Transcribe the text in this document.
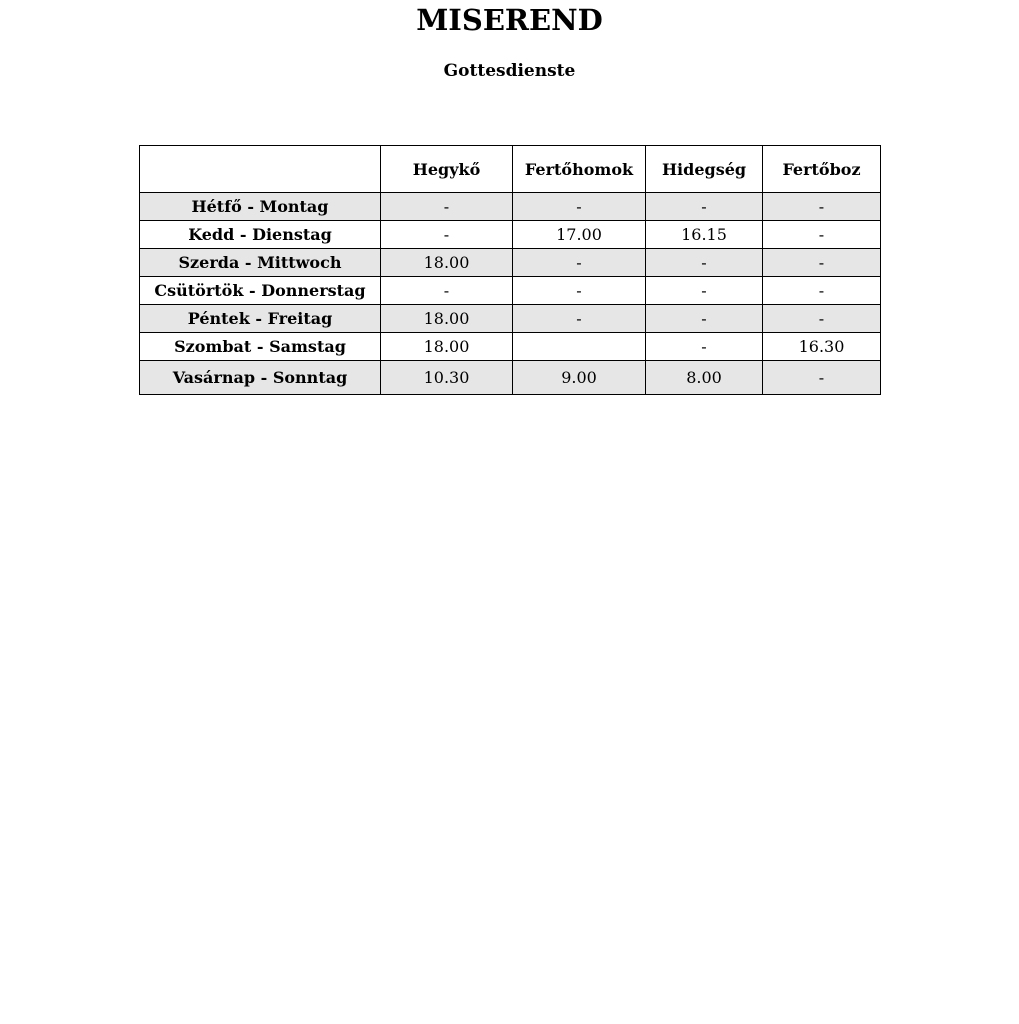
MISEREND
Gottesdienste
	Hegykő	Fertőhomok	Hidegség	Fertőboz
Hétfő - Montag	-	-	-	-
Kedd - Dienstag	-	17.00	16.15	-
Szerda - Mittwoch	18.00	-	-	-
Csütörtök - Donnerstag	-	-	-	-
Péntek - Freitag	18.00	-	-	-
Szombat - Samstag	18.00		-	16.30
Vasárnap - Sonntag	10.30	9.00	8.00	-
